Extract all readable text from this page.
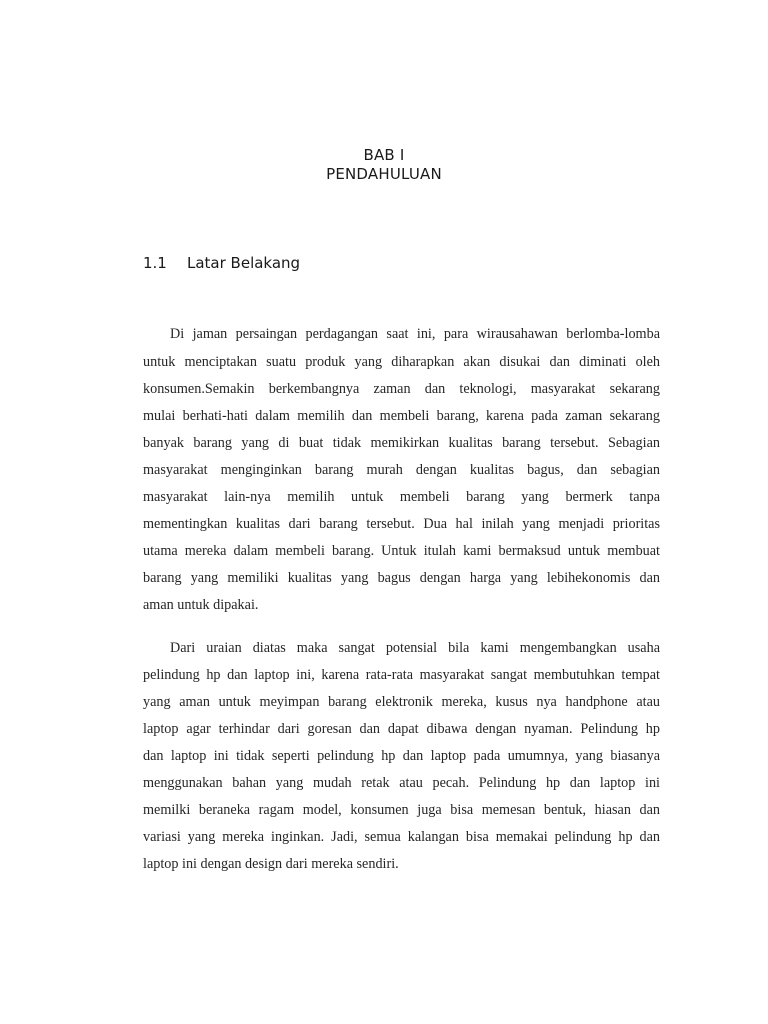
BAB I
PENDAHULUAN
1.1 Latar Belakang
Di jaman persaingan perdagangan saat ini, para wirausahawan berlomba-lomba
untuk menciptakan suatu produk yang diharapkan akan disukai dan diminati oleh
konsumen.Semakin berkembangnya zaman dan teknologi, masyarakat sekarang
mulai berhati-hati dalam memilih dan membeli barang, karena pada zaman sekarang
banyak barang yang di buat tidak memikirkan kualitas barang tersebut. Sebagian
masyarakat menginginkan barang murah dengan kualitas bagus, dan sebagian
masyarakat lain-nya memilih untuk membeli barang yang bermerk tanpa
mementingkan kualitas dari barang tersebut. Dua hal inilah yang menjadi prioritas
utama mereka dalam membeli barang. Untuk itulah kami bermaksud untuk membuat
barang yang memiliki kualitas yang bagus dengan harga yang lebihekonomis dan
aman untuk dipakai.
Dari uraian diatas maka sangat potensial bila kami mengembangkan usaha
pelindung hp dan laptop ini, karena rata-rata masyarakat sangat membutuhkan tempat
yang aman untuk meyimpan barang elektronik mereka, kusus nya handphone atau
laptop agar terhindar dari goresan dan dapat dibawa dengan nyaman. Pelindung hp
dan laptop ini tidak seperti pelindung hp dan laptop pada umumnya, yang biasanya
menggunakan bahan yang mudah retak atau pecah. Pelindung hp dan laptop ini
memilki beraneka ragam model, konsumen juga bisa memesan bentuk, hiasan dan
variasi yang mereka inginkan. Jadi, semua kalangan bisa memakai pelindung hp dan
laptop ini dengan design dari mereka sendiri.
